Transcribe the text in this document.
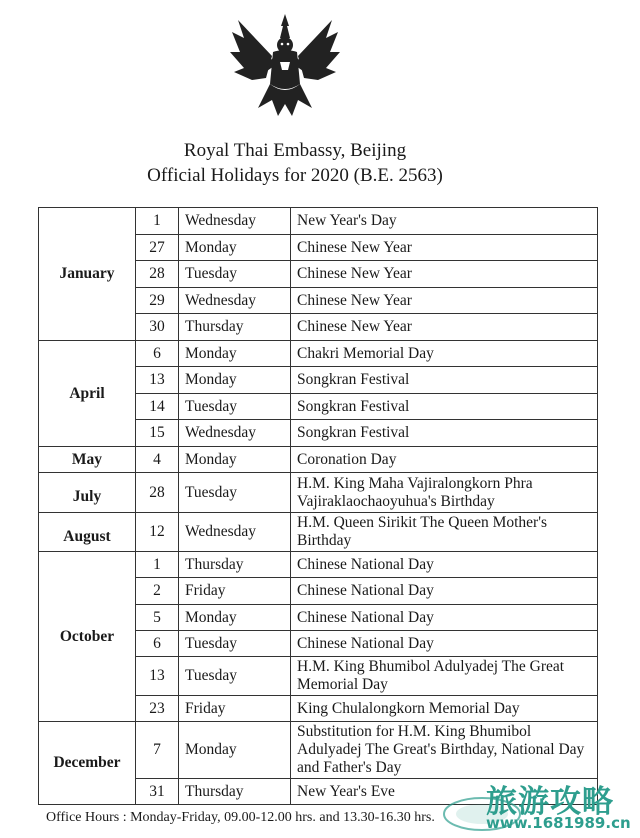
Royal Thai Embassy, Beijing
Official Holidays for 2020 (B.E. 2563)
January	1	Wednesday	New Year's Day
	27	Monday	Chinese New Year
	28	Tuesday	Chinese New Year
	29	Wednesday	Chinese New Year
	30	Thursday	Chinese New Year
April	6	Monday	Chakri Memorial Day
	13	Monday	Songkran Festival
	14	Tuesday	Songkran Festival
	15	Wednesday	Songkran Festival
May	4	Monday	Coronation Day
July	28	Tuesday	H.M. King Maha Vajiralongkorn Phra Vajiraklaochaoyuhua's Birthday
August	12	Wednesday	H.M. Queen Sirikit The Queen Mother's Birthday
October	1	Thursday	Chinese National Day
	2	Friday	Chinese National Day
	5	Monday	Chinese National Day
	6	Tuesday	Chinese National Day
	13	Tuesday	H.M. King Bhumibol Adulyadej The Great Memorial Day
	23	Friday	King Chulalongkorn Memorial Day
December	7	Monday	Substitution for H.M. King Bhumibol Adulyadej The Great's Birthday, National Day and Father's Day
	31	Thursday	New Year's Eve
Office Hours : Monday-Friday, 09.00-12.00 hrs. and 13.30-16.30 hrs. 旅游攻略
www.1681989.cn
